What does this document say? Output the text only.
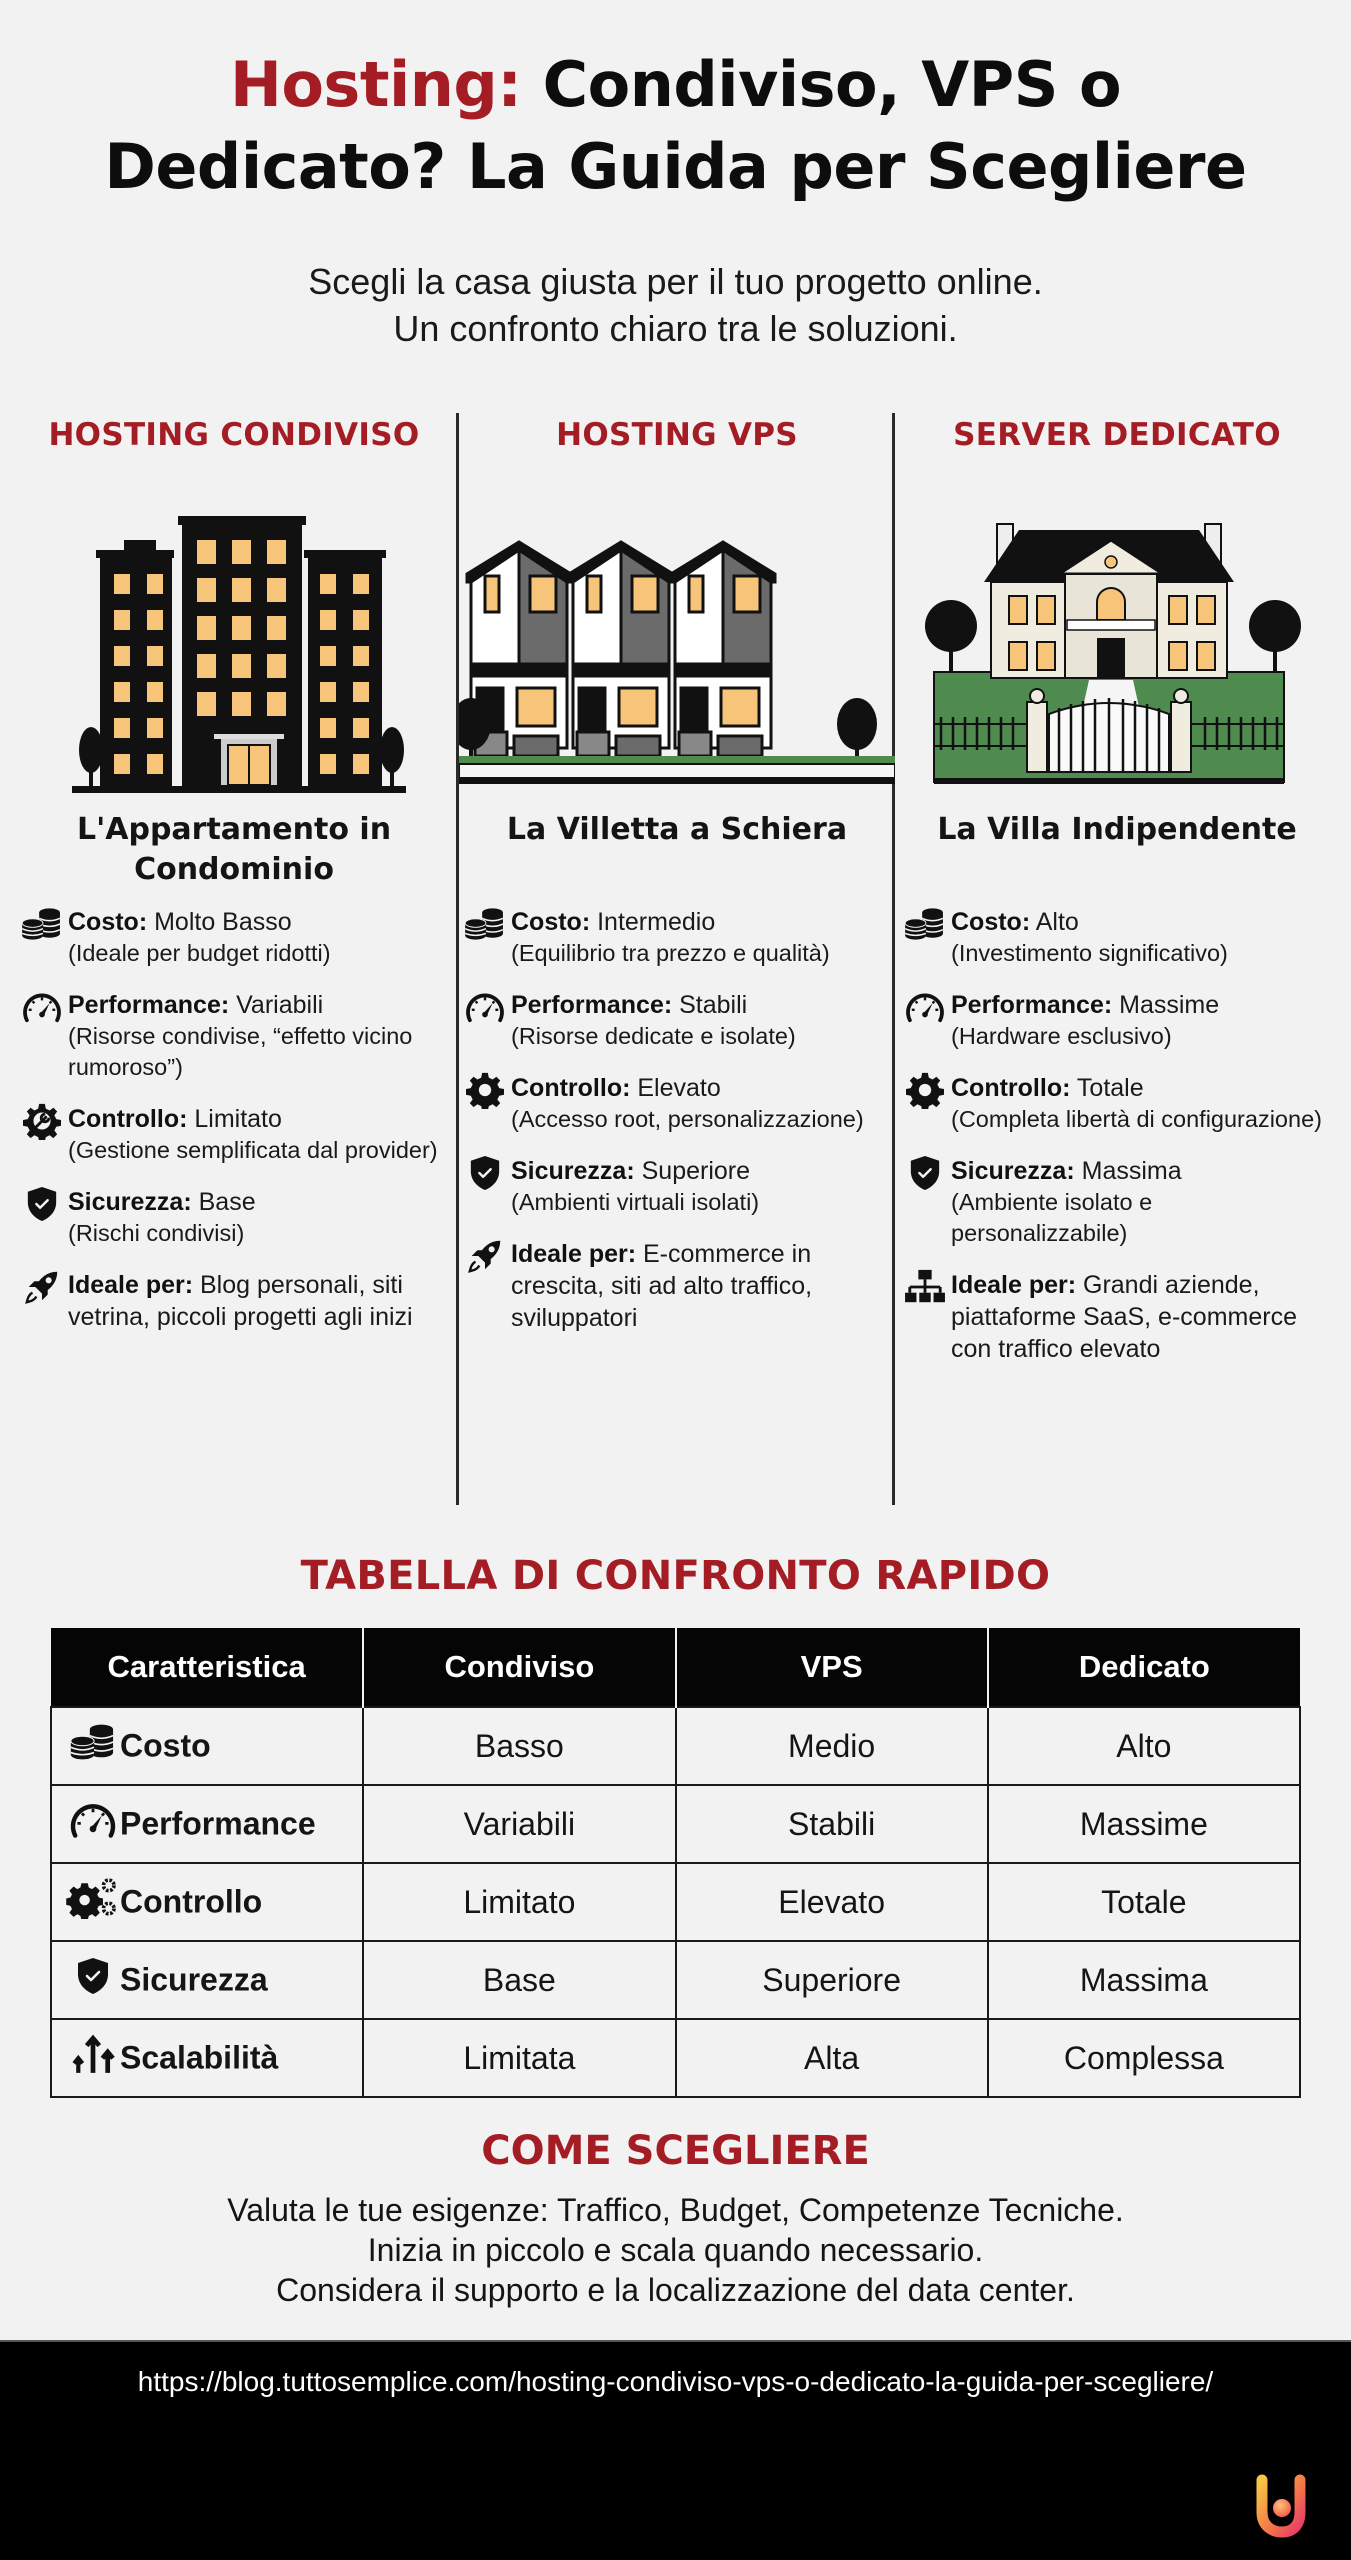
Hosting: Condiviso, VPS o
Dedicato? La Guida per Scegliere
Scegli la casa giusta per il tuo progetto online.
Un confronto chiaro tra le soluzioni.
HOSTING CONDIVISO
L'Appartamento in Condominio
Costo: Molto Basso
(Ideale per budget ridotti)
Performance: Variabili
(Risorse condivise, “effetto vicino rumoroso”)
Controllo: Limitato
(Gestione semplificata dal provider)
Sicurezza: Base
(Rischi condivisi)
Ideale per: Blog personali, siti vetrina, piccoli progetti agli inizi
HOSTING VPS
La Villetta a Schiera
Costo: Intermedio
(Equilibrio tra prezzo e qualità)
Performance: Stabili
(Risorse dedicate e isolate)
Controllo: Elevato
(Accesso root, personalizzazione)
Sicurezza: Superiore
(Ambienti virtuali isolati)
Ideale per: E-commerce in crescita, siti ad alto traffico, sviluppatori
SERVER DEDICATO
La Villa Indipendente
Costo: Alto
(Investimento significativo)
Performance: Massime
(Hardware esclusivo)
Controllo: Totale
(Completa libertà di configurazione)
Sicurezza: Massima
(Ambiente isolato e personalizzabile)
Ideale per: Grandi aziende, piattaforme SaaS, e-commerce con traffico elevato
TABELLA DI CONFRONTO RAPIDO
Caratteristica	Condiviso	VPS	Dedicato
Costo	Basso	Medio	Alto
Performance	Variabili	Stabili	Massime
Controllo	Limitato	Elevato	Totale
Sicurezza	Base	Superiore	Massima
Scalabilità	Limitata	Alta	Complessa
COME SCEGLIERE
Valuta le tue esigenze: Traffico, Budget, Competenze Tecniche.
Inizia in piccolo e scala quando necessario.
Considera il supporto e la localizzazione del data center.
https://blog.tuttosemplice.com/hosting-condiviso-vps-o-dedicato-la-guida-per-scegliere/
